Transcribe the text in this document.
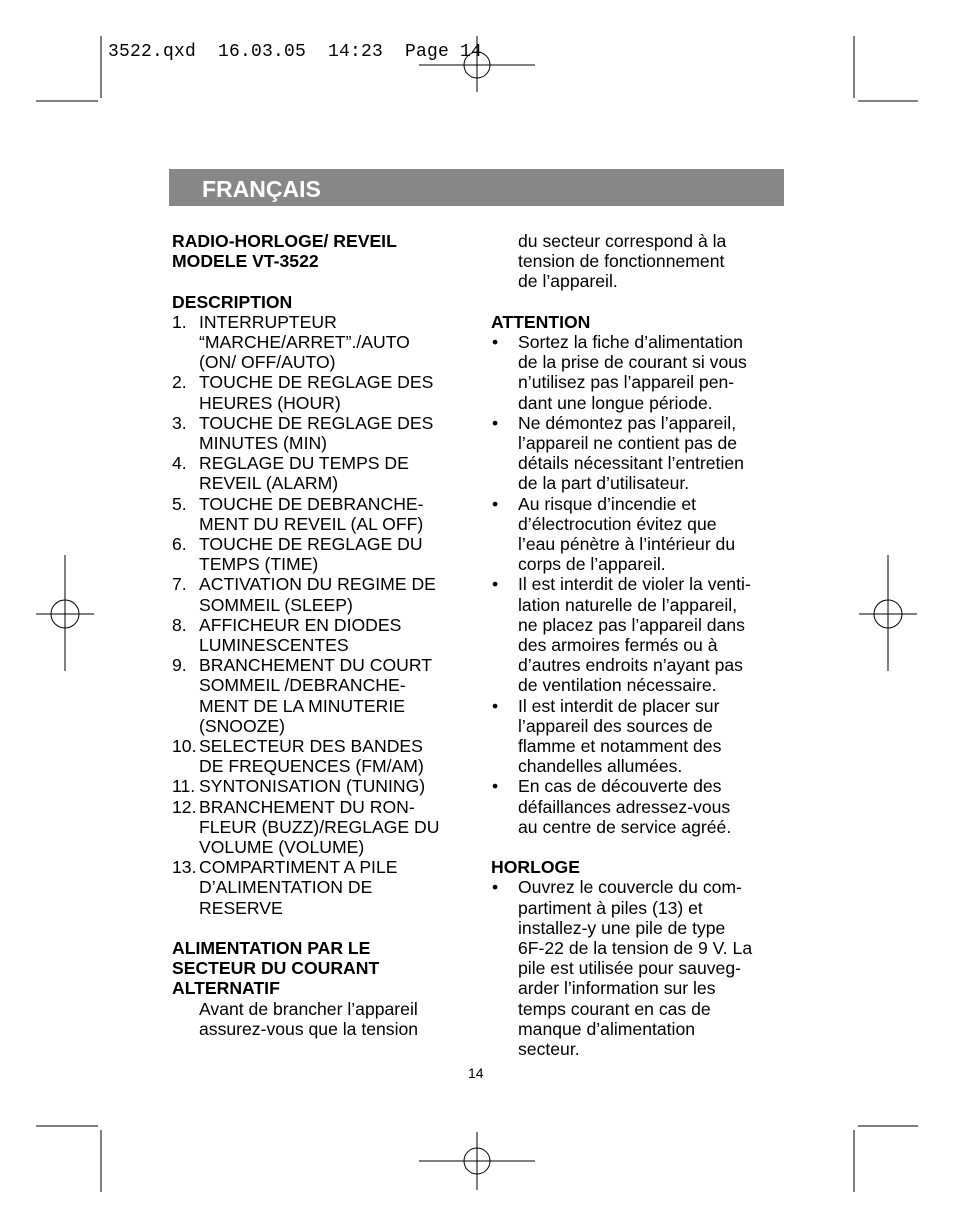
3522.qxd  16.03.05  14:23  Page 14
FRANÇAIS
RADIO-HORLOGE/ REVEIL
MODELE VT-3522
DESCRIPTION
1. INTERRUPTEUR
“MARCHE/ARRET”./AUTO
(ON/ OFF/AUTO)
2. TOUCHE DE REGLAGE DES
HEURES (HOUR)
3. TOUCHE DE REGLAGE DES
MINUTES (MIN)
4. REGLAGE DU TEMPS DE
REVEIL (ALARM)
5. TOUCHE DE DEBRANCHE-
MENT DU REVEIL (AL OFF)
6. TOUCHE DE REGLAGE DU
TEMPS (TIME)
7. ACTIVATION DU REGIME DE
SOMMEIL (SLEEP)
8. AFFICHEUR EN DIODES
LUMINESCENTES
9. BRANCHEMENT DU COURT
SOMMEIL /DEBRANCHE-
MENT DE LA MINUTERIE
(SNOOZE)
10. SELECTEUR DES BANDES
DE FREQUENCES (FM/AM)
11. SYNTONISATION (TUNING)
12. BRANCHEMENT DU RON-
FLEUR (BUZZ)/REGLAGE DU
VOLUME (VOLUME)
13. COMPARTIMENT A PILE
D’ALIMENTATION DE
RESERVE
ALIMENTATION PAR LE
SECTEUR DU COURANT
ALTERNATIF
Avant de brancher l’appareil
assurez-vous que la tension
du secteur correspond à la
tension de fonctionnement
de l’appareil.
ATTENTION
•	Sortez la fiche d’alimentation
de la prise de courant si vous
n’utilisez pas l’appareil pen-
dant une longue période.
•	Ne démontez pas l’appareil,
l’appareil ne contient pas de
détails nécessitant l’entretien
de la part d’utilisateur.
•	Au risque d’incendie et
d’électrocution évitez que
l’eau pénètre à l’intérieur du
corps de l’appareil.
•	Il est interdit de violer la venti-
lation naturelle de l’appareil,
ne placez pas l’appareil dans
des armoires fermés ou à
d’autres endroits n’ayant pas
de ventilation nécessaire.
•	Il est interdit de placer sur
l’appareil des sources de
flamme et notamment des
chandelles allumées.
•	En cas de découverte des
défaillances adressez-vous
au centre de service agréé.
HORLOGE
•	Ouvrez le couvercle du com-
partiment à piles (13) et
installez-y une pile de type
6F-22 de la tension de 9 V. La
pile est utilisée pour sauveg-
arder l’information sur les
temps courant en cas de
manque d’alimentation
secteur.
14
